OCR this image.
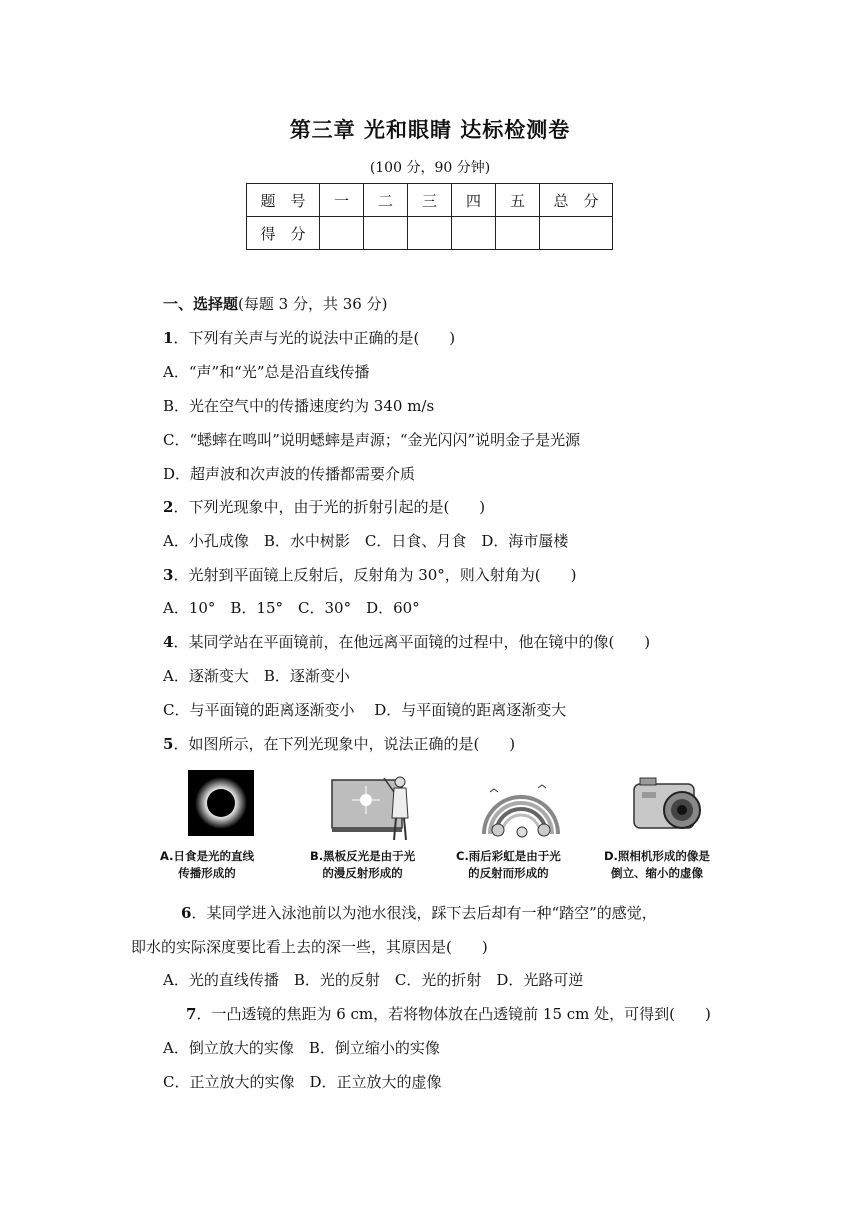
第三章 光和眼睛 达标检测卷
(100 分，90 分钟)
题　号	一	二	三	四	五	总　分
得　分						
一、选择题(每题 3 分，共 36 分)
1．下列有关声与光的说法中正确的是(　　)
A．“声”和“光”总是沿直线传播
B．光在空气中的传播速度约为 340 m/s
C．“蟋蟀在鸣叫”说明蟋蟀是声源；“金光闪闪”说明金子是光源
D．超声波和次声波的传播都需要介质
2．下列光现象中，由于光的折射引起的是(　　)
A．小孔成像　B．水中树影　C．日食、月食　D．海市蜃楼
3．光射到平面镜上反射后，反射角为 30°，则入射角为(　　)
A．10°　B．15°　C．30°　D．60°
4．某同学站在平面镜前，在他远离平面镜的过程中，他在镜中的像(　　)
A．逐渐变大　B．逐渐变小
C．与平面镜的距离逐渐变小　 D．与平面镜的距离逐渐变大
5．如图所示，在下列光现象中，说法正确的是(　　)
A.日食是光的直线
传播形成的
B.黑板反光是由于光
的漫反射形成的
C.雨后彩虹是由于光
的反射而形成的
D.照相机形成的像是
倒立、缩小的虚像
6．某同学进入泳池前以为池水很浅，踩下去后却有一种“踏空”的感觉，
即水的实际深度要比看上去的深一些，其原因是(　　)
A．光的直线传播　B．光的反射　C．光的折射　D．光路可逆
7．一凸透镜的焦距为 6 cm，若将物体放在凸透镜前 15 cm 处，可得到(　　)
A．倒立放大的实像　B．倒立缩小的实像
C．正立放大的实像　D．正立放大的虚像
